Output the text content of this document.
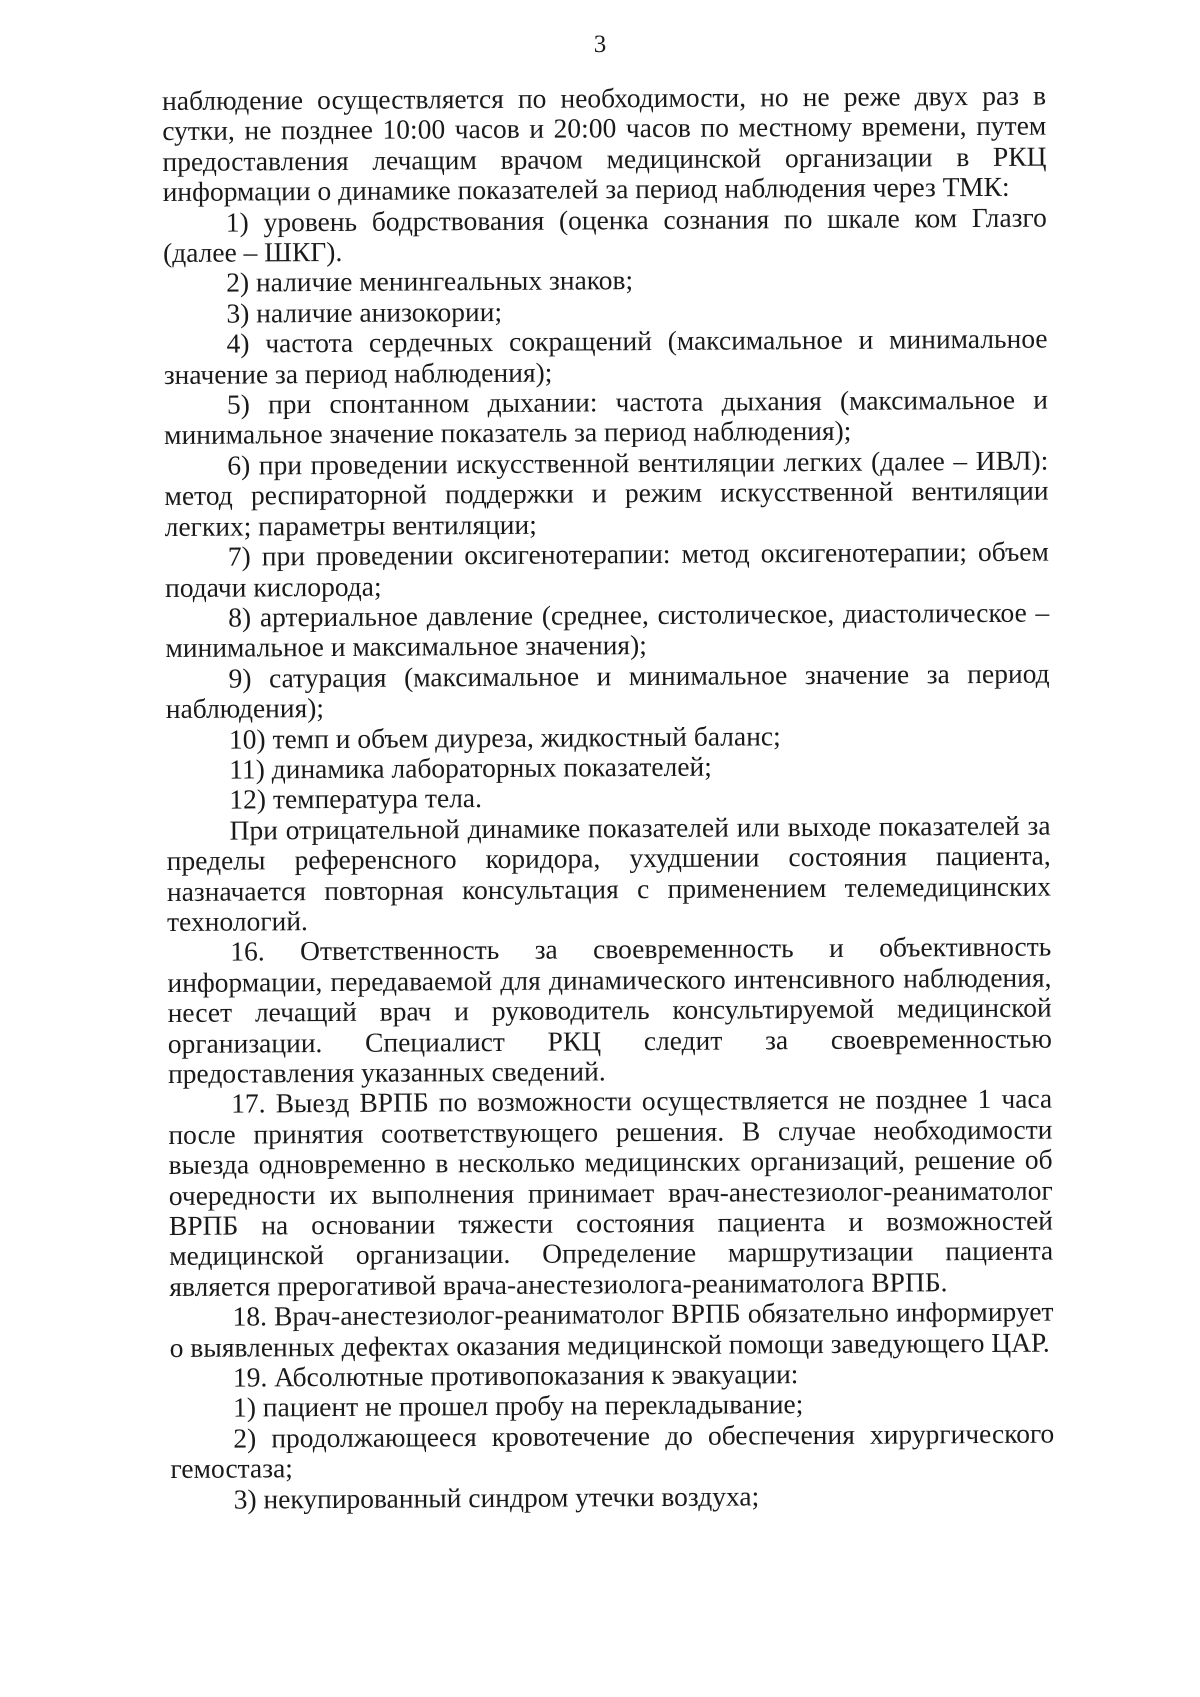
3

наблюдение осуществляется по необходимости, но не реже двух раз в сутки, не позднее 10:00 часов и 20:00 часов по местному времени, путем предоставления лечащим врачом медицинской организации в РКЦ информации о динамике показателей за период наблюдения через ТМК:

1) уровень бодрствования (оценка сознания по шкале ком Глазго (далее – ШКГ).

2) наличие менингеальных знаков;

3) наличие анизокории;

4) частота сердечных сокращений (максимальное и минимальное значение за период наблюдения);

5) при спонтанном дыхании: частота дыхания (максимальное и минимальное значение показатель за период наблюдения);

6) при проведении искусственной вентиляции легких (далее – ИВЛ): метод респираторной поддержки и режим искусственной вентиляции легких; параметры вентиляции;

7) при проведении оксигенотерапии: метод оксигенотерапии; объем подачи кислорода;

8) артериальное давление (среднее, систолическое, диастолическое – минимальное и максимальное значения);

9) сатурация (максимальное и минимальное значение за период наблюдения);

10) темп и объем диуреза, жидкостный баланс;

11) динамика лабораторных показателей;

12) температура тела.

При отрицательной динамике показателей или выходе показателей за пределы референсного коридора, ухудшении состояния пациента, назначается повторная консультация с применением телемедицинских технологий.

16. Ответственность за своевременность и объективность информации, передаваемой для динамического интенсивного наблюдения, несет лечащий врач и руководитель консультируемой медицинской организации. Специалист РКЦ следит за своевременностью предоставления указанных сведений.

17. Выезд ВРПБ по возможности осуществляется не позднее 1 часа после принятия соответствующего решения. В случае необходимости выезда одновременно в несколько медицинских организаций, решение об очередности их выполнения принимает врач-анестезиолог-реаниматолог ВРПБ на основании тяжести состояния пациента и возможностей медицинской организации. Определение маршрутизации пациента является прерогативой врача-анестезиолога-реаниматолога ВРПБ.

18. Врач-анестезиолог-реаниматолог ВРПБ обязательно информирует о выявленных дефектах оказания медицинской помощи заведующего ЦАР.

19. Абсолютные противопоказания к эвакуации:

1) пациент не прошел пробу на перекладывание;

2) продолжающееся кровотечение до обеспечения хирургического гемостаза;

3) некупированный синдром утечки воздуха;
